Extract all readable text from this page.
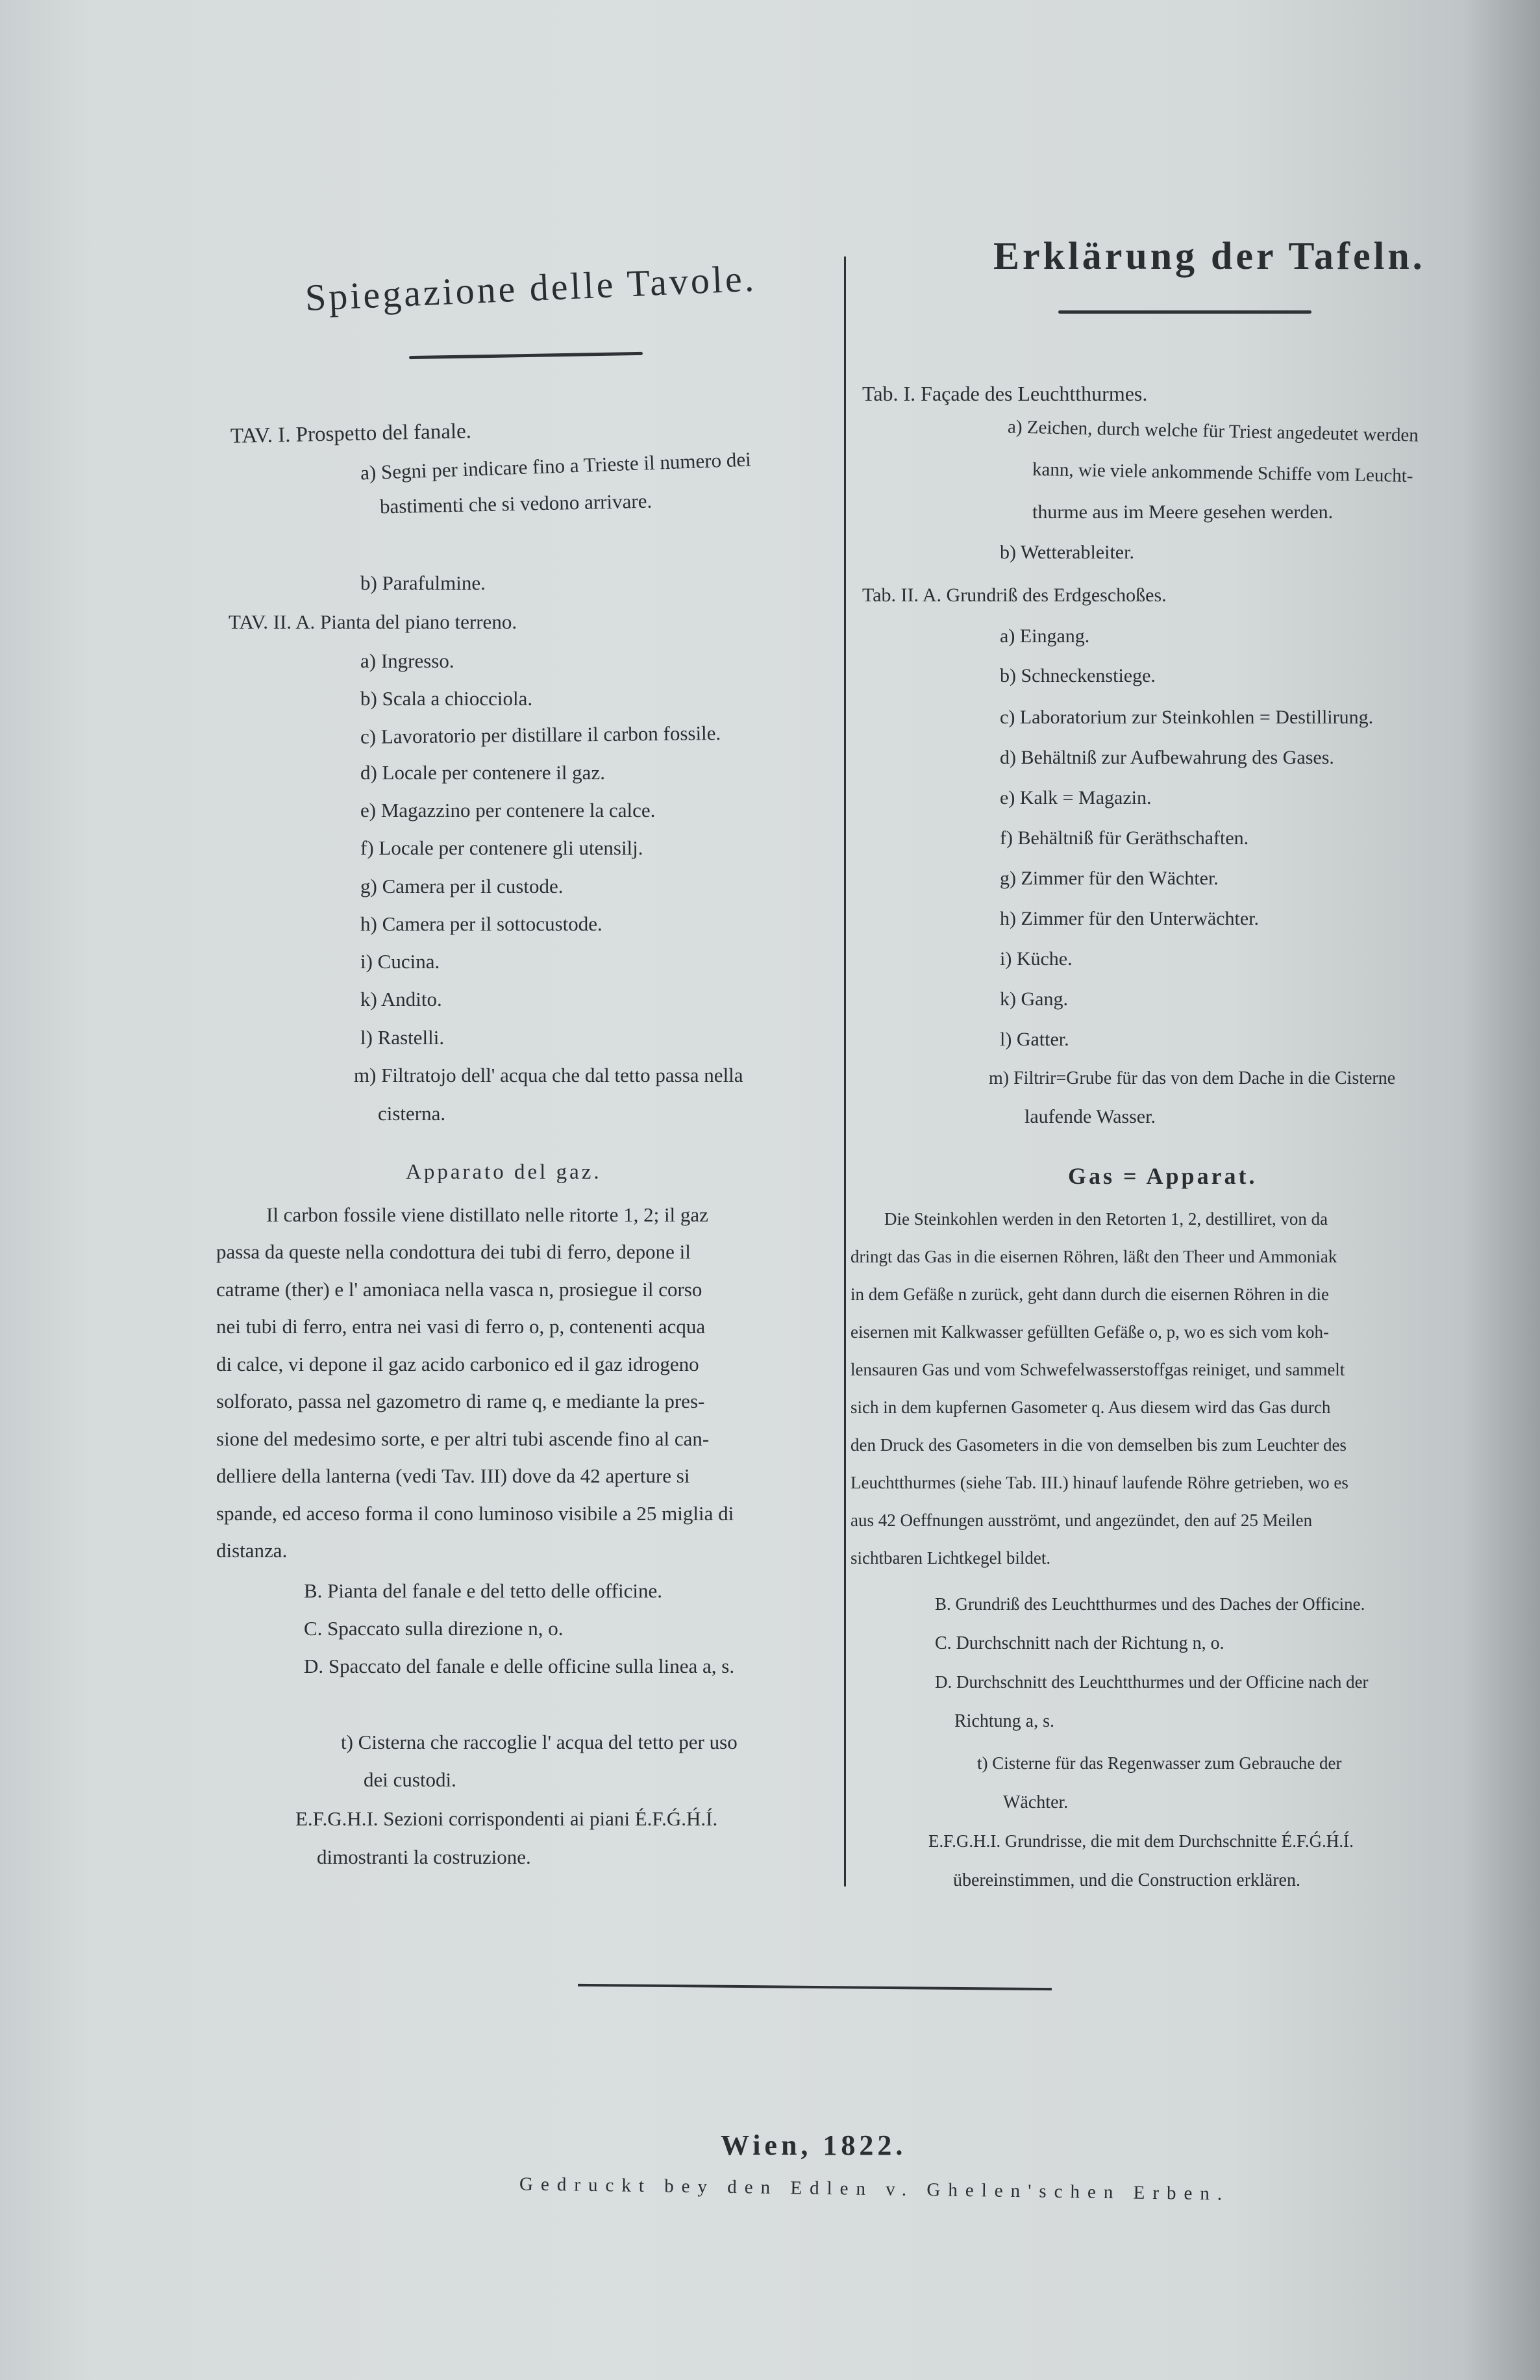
Spiegazione delle Tavole.
Erklärung der Tafeln.
TAV. I. Prospetto del fanale.
a) Segni per indicare fino a Trieste il numero dei
bastimenti che si vedono arrivare.
b) Parafulmine.
TAV. II. A. Pianta del piano terreno.
a) Ingresso.
b) Scala a chiocciola.
c) Lavoratorio per distillare il carbon fossile.
d) Locale per contenere il gaz.
e) Magazzino per contenere la calce.
f) Locale per contenere gli utensilj.
g) Camera per il custode.
h) Camera per il sottocustode.
i) Cucina.
k) Andito.
l) Rastelli.
m) Filtratojo dell' acqua che dal tetto passa nella
cisterna.
Apparato del gaz.
Il carbon fossile viene distillato nelle ritorte 1, 2; il gaz
passa da queste nella condottura dei tubi di ferro, depone il
catrame (ther) e l' amoniaca nella vasca n, prosiegue il corso
nei tubi di ferro, entra nei vasi di ferro o, p, contenenti acqua
di calce, vi depone il gaz acido carbonico ed il gaz idrogeno
solforato, passa nel gazometro di rame q, e mediante la pres-
sione del medesimo sorte, e per altri tubi ascende fino al can-
delliere della lanterna (vedi Tav. III) dove da 42 aperture si
spande, ed acceso forma il cono luminoso visibile a 25 miglia di
distanza.
B. Pianta del fanale e del tetto delle officine.
C. Spaccato sulla direzione n, o.
D. Spaccato del fanale e delle officine sulla linea a, s.
t) Cisterna che raccoglie l' acqua del tetto per uso
dei custodi.
E.F.G.H.I. Sezioni corrispondenti ai piani É.F.Ǵ.H́.Í.
dimostranti la costruzione.
Tab. I. Façade des Leuchtthurmes.
a) Zeichen, durch welche für Triest angedeutet werden
kann, wie viele ankommende Schiffe vom Leucht-
thurme aus im Meere gesehen werden.
b) Wetterableiter.
Tab. II. A. Grundriß des Erdgeschoßes.
a) Eingang.
b) Schneckenstiege.
c) Laboratorium zur Steinkohlen = Destillirung.
d) Behältniß zur Aufbewahrung des Gases.
e) Kalk = Magazin.
f) Behältniß für Geräthschaften.
g) Zimmer für den Wächter.
h) Zimmer für den Unterwächter.
i) Küche.
k) Gang.
l) Gatter.
m) Filtrir=Grube für das von dem Dache in die Cisterne
laufende Wasser.
Gas = Apparat.
Die Steinkohlen werden in den Retorten 1, 2, destilliret, von da
dringt das Gas in die eisernen Röhren, läßt den Theer und Ammoniak
in dem Gefäße n zurück, geht dann durch die eisernen Röhren in die
eisernen mit Kalkwasser gefüllten Gefäße o, p, wo es sich vom koh-
lensauren Gas und vom Schwefelwasserstoffgas reiniget, und sammelt
sich in dem kupfernen Gasometer q. Aus diesem wird das Gas durch
den Druck des Gasometers in die von demselben bis zum Leuchter des
Leuchtthurmes (siehe Tab. III.) hinauf laufende Röhre getrieben, wo es
aus 42 Oeffnungen ausströmt, und angezündet, den auf 25 Meilen
sichtbaren Lichtkegel bildet.
B. Grundriß des Leuchtthurmes und des Daches der Officine.
C. Durchschnitt nach der Richtung n, o.
D. Durchschnitt des Leuchtthurmes und der Officine nach der
Richtung a, s.
t) Cisterne für das Regenwasser zum Gebrauche der
Wächter.
E.F.G.H.I. Grundrisse, die mit dem Durchschnitte É.F.Ǵ.H́.Í.
übereinstimmen, und die Construction erklären.
Wien, 1822.
Gedruckt bey den Edlen v. Ghelen'schen Erben.
